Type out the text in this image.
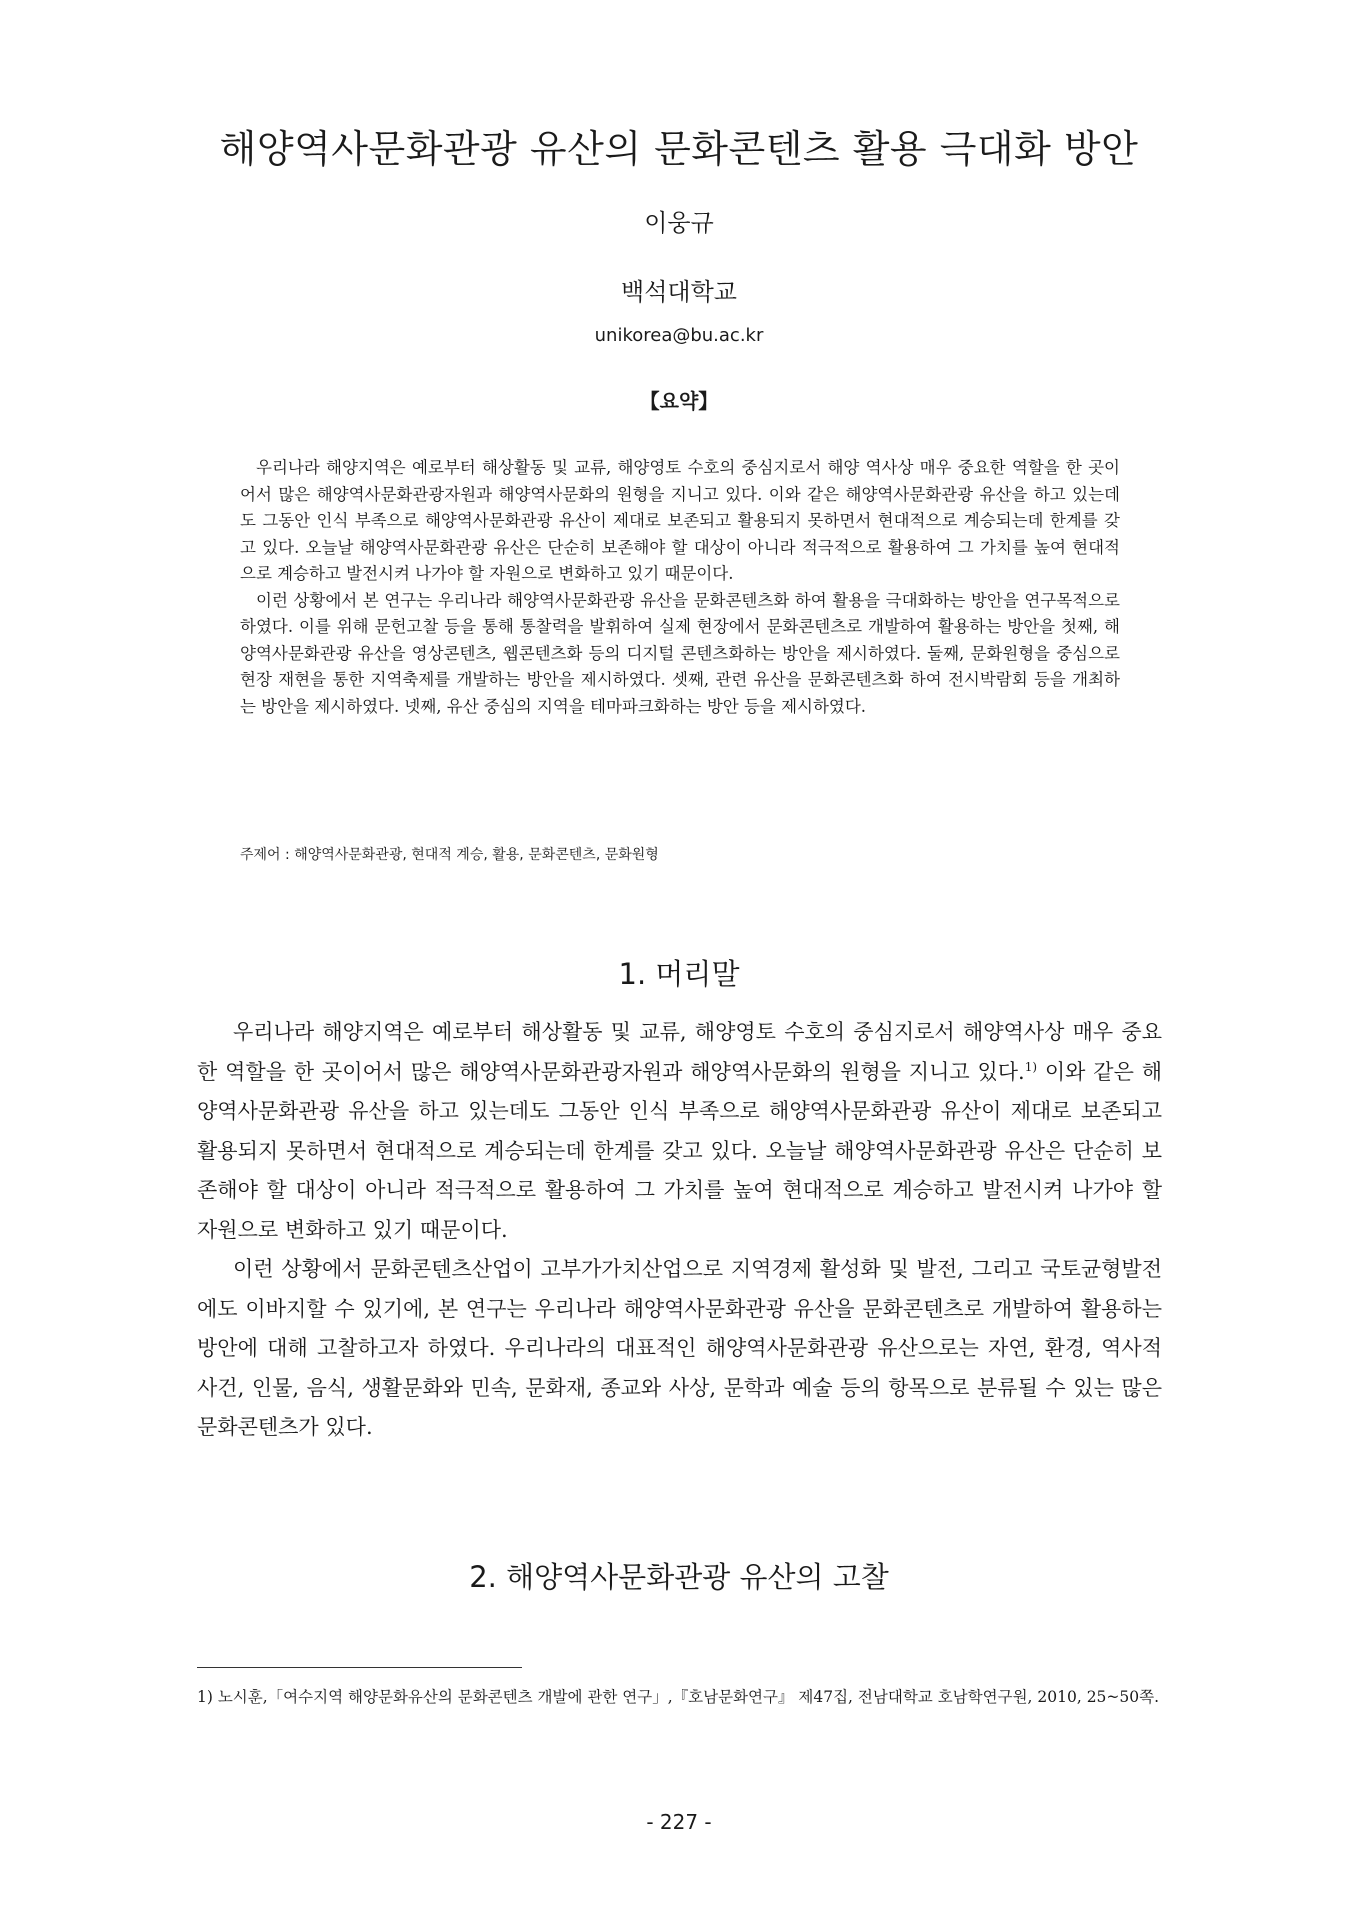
해양역사문화관광 유산의 문화콘텐츠 활용 극대화 방안
이웅규
백석대학교
unikorea@bu.ac.kr
【요약】

우리나라 해양지역은 예로부터 해상활동 및 교류, 해양영토 수호의 중심지로서 해양 역사상 매우 중요한 역할을 한 곳이어서 많은 해양역사문화관광자원과 해양역사문화의 원형을 지니고 있다. 이와 같은 해양역사문화관광 유산을 하고 있는데도 그동안 인식 부족으로 해양역사문화관광 유산이 제대로 보존되고 활용되지 못하면서 현대적으로 계승되는데 한계를 갖고 있다. 오늘날 해양역사문화관광 유산은 단순히 보존해야 할 대상이 아니라 적극적으로 활용하여 그 가치를 높여 현대적으로 계승하고 발전시켜 나가야 할 자원으로 변화하고 있기 때문이다.

이런 상황에서 본 연구는 우리나라 해양역사문화관광 유산을 문화콘텐츠화 하여 활용을 극대화하는 방안을 연구목적으로 하였다. 이를 위해 문헌고찰 등을 통해 통찰력을 발휘하여 실제 현장에서 문화콘텐츠로 개발하여 활용하는 방안을 첫째, 해양역사문화관광 유산을 영상콘텐츠, 웹콘텐츠화 등의 디지털 콘텐츠화하는 방안을 제시하였다. 둘째, 문화원형을 중심으로 현장 재현을 통한 지역축제를 개발하는 방안을 제시하였다. 셋째, 관련 유산을 문화콘텐츠화 하여 전시박람회 등을 개최하는 방안을 제시하였다. 넷째, 유산 중심의 지역을 테마파크화하는 방안 등을 제시하였다.

주제어 : 해양역사문화관광, 현대적 계승, 활용, 문화콘텐츠, 문화원형
1. 머리말

우리나라 해양지역은 예로부터 해상활동 및 교류, 해양영토 수호의 중심지로서 해양역사상 매우 중요한 역할을 한 곳이어서 많은 해양역사문화관광자원과 해양역사문화의 원형을 지니고 있다.$^{1)}$ 이와 같은 해양역사문화관광 유산을 하고 있는데도 그동안 인식 부족으로 해양역사문화관광 유산이 제대로 보존되고 활용되지 못하면서 현대적으로 계승되는데 한계를 갖고 있다. 오늘날 해양역사문화관광 유산은 단순히 보존해야 할 대상이 아니라 적극적으로 활용하여 그 가치를 높여 현대적으로 계승하고 발전시켜 나가야 할 자원으로 변화하고 있기 때문이다.

이런 상황에서 문화콘텐츠산업이 고부가가치산업으로 지역경제 활성화 및 발전, 그리고 국토균형발전에도 이바지할 수 있기에, 본 연구는 우리나라 해양역사문화관광 유산을 문화콘텐츠로 개발하여 활용하는 방안에 대해 고찰하고자 하였다. 우리나라의 대표적인 해양역사문화관광 유산으로는 자연, 환경, 역사적 사건, 인물, 음식, 생활문화와 민속, 문화재, 종교와 사상, 문학과 예술 등의 항목으로 분류될 수 있는 많은 문화콘텐츠가 있다.

2. 해양역사문화관광 유산의 고찰
1) 노시훈,「여수지역 해양문화유산의 문화콘텐츠 개발에 관한 연구」,『호남문화연구』 제47집, 전남대학교 호남학연구원, 2010, 25~50쪽.
- 227 -
